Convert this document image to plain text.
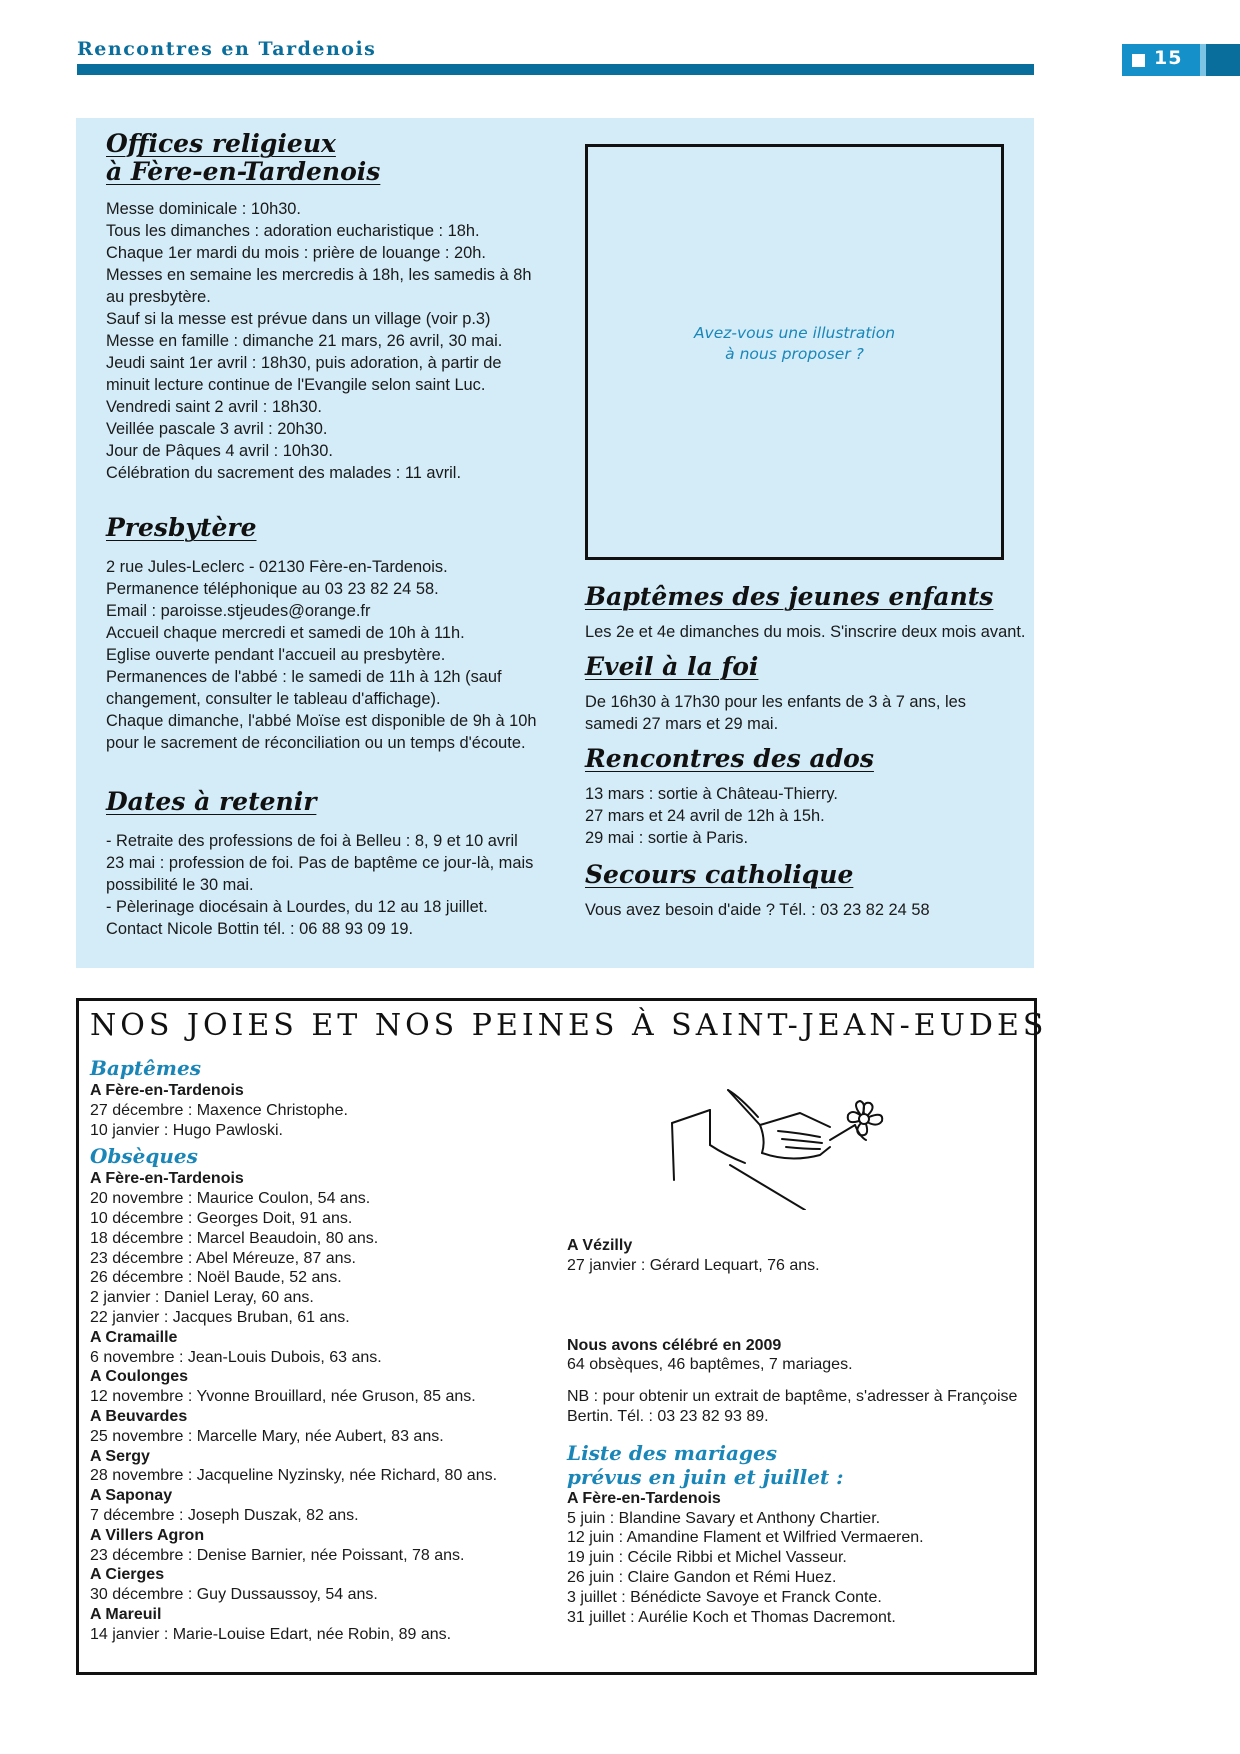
Rencontres en Tardenois	15
Offices religieux
à Fère-en-Tardenois
Messe dominicale : 10h30.
Tous les dimanches : adoration eucharistique : 18h.
Chaque 1er mardi du mois : prière de louange : 20h.
Messes en semaine les mercredis à 18h, les samedis à 8h
au presbytère.
Sauf si la messe est prévue dans un village (voir p.3)
Messe en famille : dimanche 21 mars, 26 avril, 30 mai.
Jeudi saint 1er avril : 18h30, puis adoration, à partir de
minuit lecture continue de l'Evangile selon saint Luc.
Vendredi saint 2 avril : 18h30.
Veillée pascale 3 avril : 20h30.
Jour de Pâques 4 avril : 10h30.
Célébration du sacrement des malades : 11 avril.
Presbytère
2 rue Jules-Leclerc - 02130 Fère-en-Tardenois.
Permanence téléphonique au 03 23 82 24 58.
Email : paroisse.stjeudes@orange.fr
Accueil chaque mercredi et samedi de 10h à 11h.
Eglise ouverte pendant l'accueil au presbytère.
Permanences de l'abbé : le samedi de 11h à 12h (sauf
changement, consulter le tableau d'affichage).
Chaque dimanche, l'abbé Moïse est disponible de 9h à 10h
pour le sacrement de réconciliation ou un temps d'écoute.
Dates à retenir
- Retraite des professions de foi à Belleu : 8, 9 et 10 avril
23 mai : profession de foi. Pas de baptême ce jour-là, mais
possibilité le 30 mai.
- Pèlerinage diocésain à Lourdes, du 12 au 18 juillet.
Contact Nicole Bottin tél. : 06 88 93 09 19.
Avez-vous une illustration
à nous proposer ?
Baptêmes des jeunes enfants
Les 2e et 4e dimanches du mois. S'inscrire deux mois avant.
Eveil à la foi
De 16h30 à 17h30 pour les enfants de 3 à 7 ans, les
samedi 27 mars et 29 mai.
Rencontres des ados
13 mars : sortie à Château-Thierry.
27 mars et 24 avril de 12h à 15h.
29 mai : sortie à Paris.
Secours catholique
Vous avez besoin d'aide ? Tél. : 03 23 82 24 58
NOS JOIES ET NOS PEINES À SAINT-JEAN-EUDES
Baptêmes
A Fère-en-Tardenois
27 décembre : Maxence Christophe.
10 janvier : Hugo Pawloski.
Obsèques
A Fère-en-Tardenois
20 novembre : Maurice Coulon, 54 ans.
10 décembre : Georges Doit, 91 ans.
18 décembre : Marcel Beaudoin, 80 ans.
23 décembre : Abel Méreuze, 87 ans.
26 décembre : Noël Baude, 52 ans.
2 janvier : Daniel Leray, 60 ans.
22 janvier : Jacques Bruban, 61 ans.
A Cramaille
6 novembre : Jean-Louis Dubois, 63 ans.
A Coulonges
12 novembre : Yvonne Brouillard, née Gruson, 85 ans.
A Beuvardes
25 novembre : Marcelle Mary, née Aubert, 83 ans.
A Sergy
28 novembre : Jacqueline Nyzinsky, née Richard, 80 ans.
A Saponay
7 décembre : Joseph Duszak, 82 ans.
A Villers Agron
23 décembre : Denise Barnier, née Poissant, 78 ans.
A Cierges
30 décembre : Guy Dussaussoy, 54 ans.
A Mareuil
14 janvier : Marie-Louise Edart, née Robin, 89 ans.
A Vézilly
27 janvier : Gérard Lequart, 76 ans.
Nous avons célébré en 2009
64 obsèques, 46 baptêmes, 7 mariages.
NB : pour obtenir un extrait de baptême, s'adresser à Françoise
Bertin. Tél. : 03 23 82 93 89.
Liste des mariages
prévus en juin et juillet :
A Fère-en-Tardenois
5 juin : Blandine Savary et Anthony Chartier.
12 juin : Amandine Flament et Wilfried Vermaeren.
19 juin : Cécile Ribbi et Michel Vasseur.
26 juin : Claire Gandon et Rémi Huez.
3 juillet : Bénédicte Savoye et Franck Conte.
31 juillet : Aurélie Koch et Thomas Dacremont.
